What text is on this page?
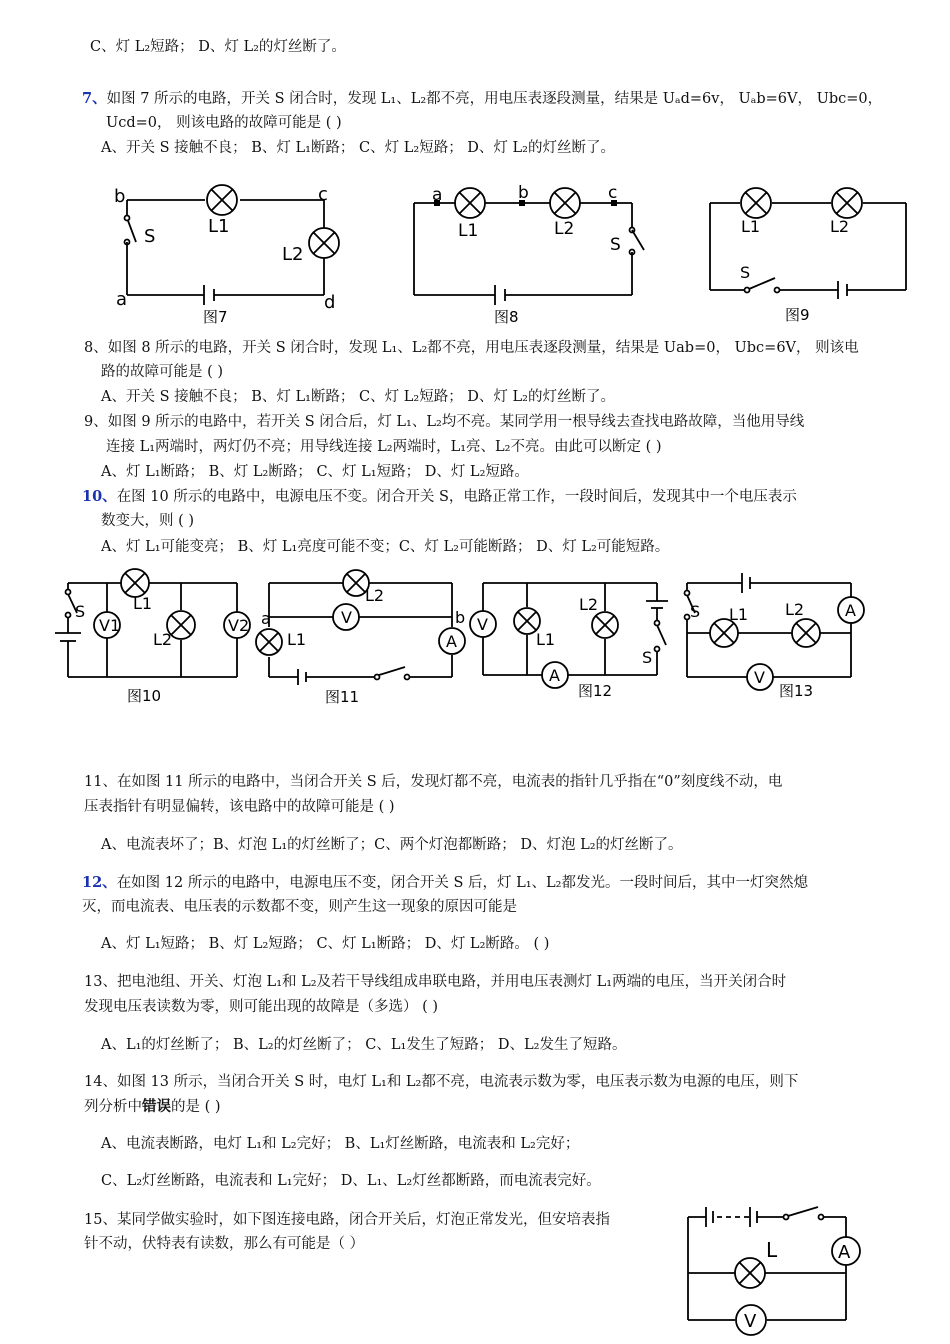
C、灯 L₂短路； D、灯 L₂的灯丝断了。
7、如图 7 所示的电路，开关 S 闭合时，发现 L₁、L₂都不亮，用电压表逐段测量，结果是 Uₐd=6v， Uₐb=6V， Ubc=0，
Ucd=0， 则该电路的故障可能是 ( )
A、开关 S 接触不良； B、灯 L₁断路； C、灯 L₂短路； D、灯 L₂的灯丝断了。
8、如图 8 所示的电路，开关 S 闭合时，发现 L₁、L₂都不亮，用电压表逐段测量，结果是 Uab=0， Ubc=6V， 则该电
路的故障可能是 ( )
A、开关 S 接触不良； B、灯 L₁断路； C、灯 L₂短路； D、灯 L₂的灯丝断了。
9、如图 9 所示的电路中，若开关 S 闭合后，灯 L₁、L₂均不亮。某同学用一根导线去查找电路故障，当他用导线
连接 L₁两端时，两灯仍不亮；用导线连接 L₂两端时，L₁亮、L₂不亮。由此可以断定 ( )
A、灯 L₁断路； B、灯 L₂断路； C、灯 L₁短路； D、灯 L₂短路。
10、在图 10 所示的电路中，电源电压不变。闭合开关 S，电路正常工作，一段时间后，发现其中一个电压表示
数变大，则 ( )
A、灯 L₁可能变亮； B、灯 L₁亮度可能不变；C、灯 L₂可能断路； D、灯 L₂可能短路。
11、在如图 11 所示的电路中，当闭合开关 S 后，发现灯都不亮，电流表的指针几乎指在“0”刻度线不动，电
压表指针有明显偏转，该电路中的故障可能是 ( )
A、电流表坏了；B、灯泡 L₁的灯丝断了；C、两个灯泡都断路； D、灯泡 L₂的灯丝断了。
12、在如图 12 所示的电路中，电源电压不变，闭合开关 S 后，灯 L₁、L₂都发光。一段时间后，其中一灯突然熄
灭，而电流表、电压表的示数都不变，则产生这一现象的原因可能是
A、灯 L₁短路； B、灯 L₂短路； C、灯 L₁断路； D、灯 L₂断路。 ( )
13、把电池组、开关、灯泡 L₁和 L₂及若干导线组成串联电路，并用电压表测灯 L₁两端的电压，当开关闭合时
发现电压表读数为零，则可能出现的故障是（多选） ( )
A、L₁的灯丝断了； B、L₂的灯丝断了； C、L₁发生了短路； D、L₂发生了短路。
14、如图 13 所示，当闭合开关 S 时，电灯 L₁和 L₂都不亮，电流表示数为零，电压表示数为电源的电压，则下
列分析中错误的是 ( )
A、电流表断路，电灯 L₁和 L₂完好； B、L₁灯丝断路，电流表和 L₂完好；
C、L₂灯丝断路，电流表和 L₁完好； D、L₁、L₂灯丝都断路，而电流表完好。
15、某同学做实验时，如下图连接电路，闭合开关后，灯泡正常发光，但安培表指
针不动，伏特表有读数，那么有可能是（ ）
b	c
a	d
S	L1
L2
图7
a	b	c
S
L1	L2
图8
S
L1	L2
图9
V1	V2
S	L1
L2
图10
V
A
a	b
L1
L2
图11
V
A
L1
L2
S
图12
A
V
S L1 L2
图13
A
V
L
